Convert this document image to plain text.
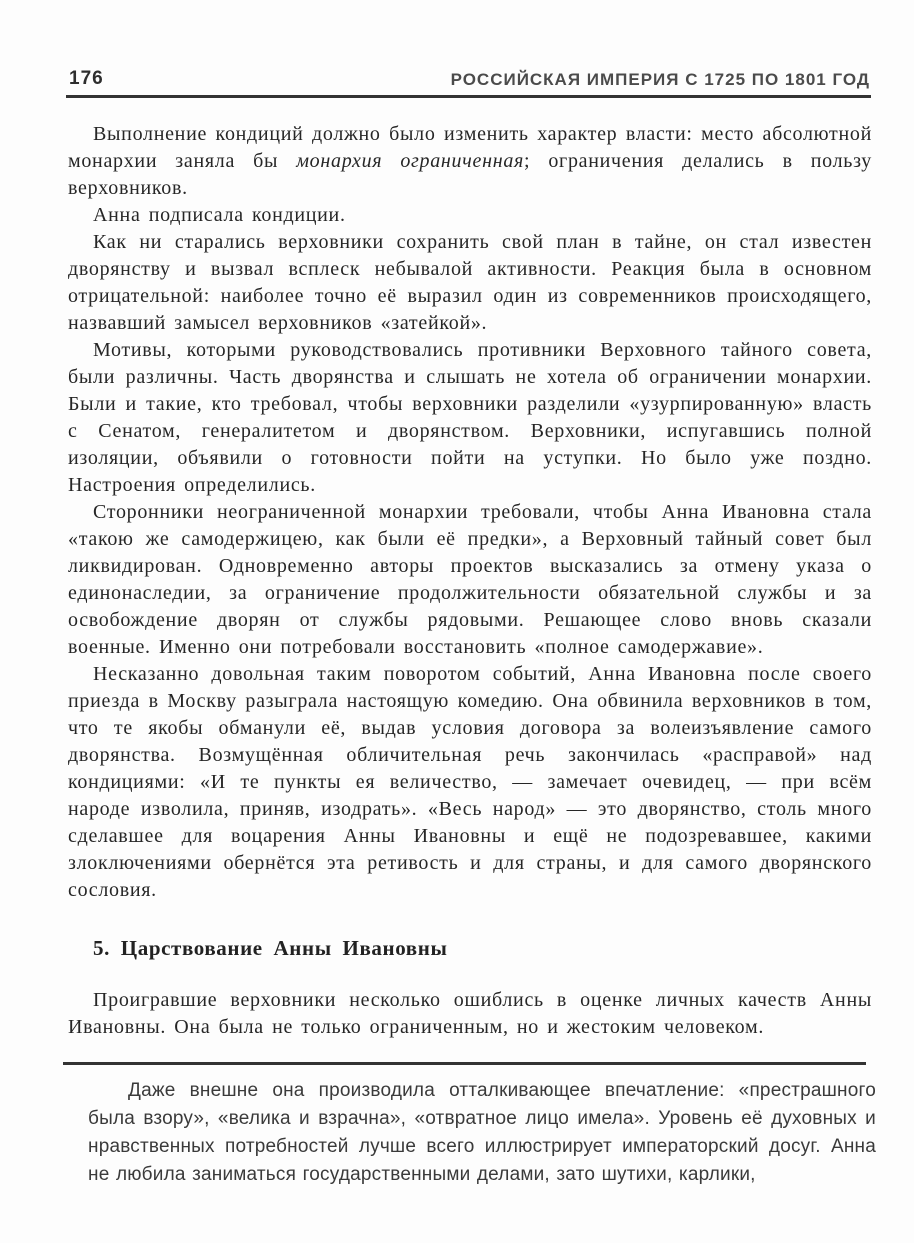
176	РОССИЙСКАЯ ИМПЕРИЯ С 1725 ПО 1801 ГОД

Выполнение кондиций должно было изменить характер власти: место абсолютной монархии заняла бы монархия ограниченная; ограничения делались в пользу верховников.

Анна подписала кондиции.

Как ни старались верховники сохранить свой план в тайне, он стал известен дворянству и вызвал всплеск небывалой активности. Реакция была в основном отрицательной: наиболее точно её выразил один из современников происходящего, назвавший замысел верховников «затейкой».

Мотивы, которыми руководствовались противники Верховного тайного совета, были различны. Часть дворянства и слышать не хотела об ограничении монархии. Были и такие, кто требовал, чтобы верховники разделили «узурпированную» власть с Сенатом, генералитетом и дворянством. Верховники, испугавшись полной изоляции, объявили о готовности пойти на уступки. Но было уже поздно. Настроения определились.

Сторонники неограниченной монархии требовали, чтобы Анна Ивановна стала «такою же самодержицею, как были её предки», а Верховный тайный совет был ликвидирован. Одновременно авторы проектов высказались за отмену указа о единонаследии, за ограничение продолжительности обязательной службы и за освобождение дворян от службы рядовыми. Решающее слово вновь сказали военные. Именно они потребовали восстановить «полное самодержавие».

Несказанно довольная таким поворотом событий, Анна Ивановна после своего приезда в Москву разыграла настоящую комедию. Она обвинила верховников в том, что те якобы обманули её, выдав условия договора за волеизъявление самого дворянства. Возмущённая обличительная речь закончилась «расправой» над кондициями: «И те пункты ея величество, — замечает очевидец, — при всём народе изволила, приняв, изодрать». «Весь народ» — это дворянство, столь много сделавшее для воцарения Анны Ивановны и ещё не подозревавшее, какими злоключениями обернётся эта ретивость и для страны, и для самого дворянского сословия.

5. Царствование Анны Ивановны

Проигравшие верховники несколько ошиблись в оценке личных качеств Анны Ивановны. Она была не только ограниченным, но и жестоким человеком.

Даже внешне она производила отталкивающее впечатление: «престрашного была взору», «велика и взрачна», «отвратное лицо имела». Уровень её духовных и нравственных потребностей лучше всего иллюстрирует императорский досуг. Анна не любила заниматься государственными делами, зато шутихи, карлики,
